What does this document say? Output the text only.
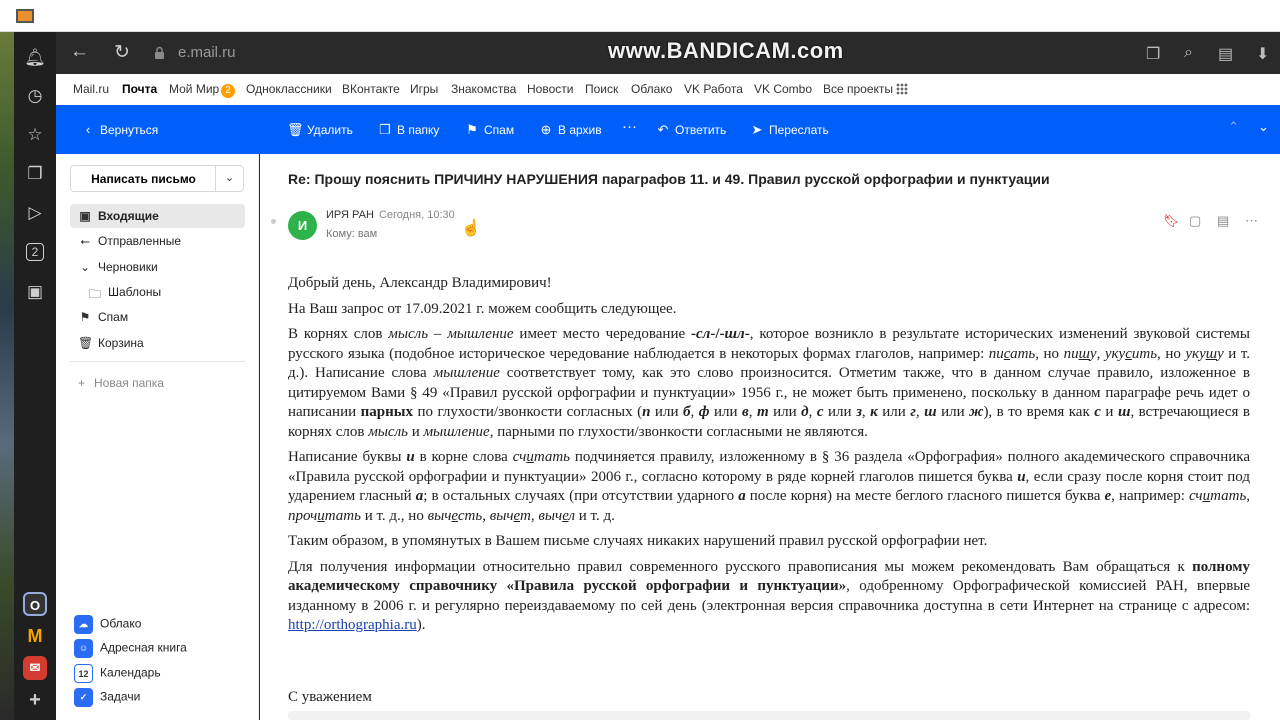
🔔︎
◷
☆
❐
▷
2
▣
O
M
✉
+
← ↻	e.mail.ru	www.BANDICAM.com	❐ ⌕ ▤ ⬇
Mail.ru Почта Мой Мир 2	Одноклассники ВКонтакте Игры Знакомства Новости Поиск Облако VK Работа VK Combo Все проекты
‹ Вернуться	🗑︎ Удалить ❐ В папку ⚑ Спам ⊕ В архив ··· ↶ Ответить ➤ Переслать	⌃ ⌄
Написать письмо	⌄
▣ Входящие
⭠ Отправленные
⌄ Черновики
🗀︎ Шаблоны
⚑ Спам
🗑︎ Корзина
+ Новая папка
☁ Облако
☺ Адресная книга
12 Календарь
✓ Задачи
Re: Прошу пояснить ПРИЧИНУ НАРУШЕНИЯ параграфов 11. и 49. Правил русской орфографии и пунктуации
И
ИРЯ РАН Сегодня, 10:30
Кому: вам	☝	🔖︎ ▢ ▤ ⋯

Добрый день, Александр Владимирович!

На Ваш запрос от 17.09.2021 г. можем сообщить следующее.

В корнях слов мысль – мышление имеет место чередование -сл-/-шл-, которое возникло в результате исторических изменений звуковой системы русского языка (подобное историческое чередование наблюдается в некоторых формах глаголов, например: писать, но пишу, укусить, но укушу и т. д.). Написание слова мышление соответствует тому, как это слово произносится. Отметим также, что в данном случае правило, изложенное в цитируемом Вами § 49 «Правил русской орфографии и пунктуации» 1956 г., не может быть применено, поскольку в данном параграфе речь идет о написании парных по глухости/звонкости согласных (п или б, ф или в, т или д, с или з, к или г, ш или ж), в то время как с и ш, встречающиеся в корнях слов мысль и мышление, парными по глухости/звонкости согласными не являются.

Написание буквы и в корне слова считать подчиняется правилу, изложенному в § 36 раздела «Орфография» полного академического справочника «Правила русской орфографии и пунктуации» 2006 г., согласно которому в ряде корней глаголов пишется буква и, если сразу после корня стоит под ударением гласный а; в остальных случаях (при отсутствии ударного а после корня) на месте беглого гласного пишется буква е, например: считать, прочитать и т. д., но вычесть, вычет, вычел и т. д.

Таким образом, в упомянутых в Вашем письме случаях никаких нарушений правил русской орфографии нет.

Для получения информации относительно правил современного русского правописания мы можем рекомендовать Вам обращаться к полному академическому справочнику «Правила русской орфографии и пунктуации», одобренному Орфографической комиссией РАН, впервые изданному в 2006 г. и регулярно переиздаваемому по сей день (электронная версия справочника доступна в сети Интернет на странице с адресом: http://orthographia.ru).

С уважением
